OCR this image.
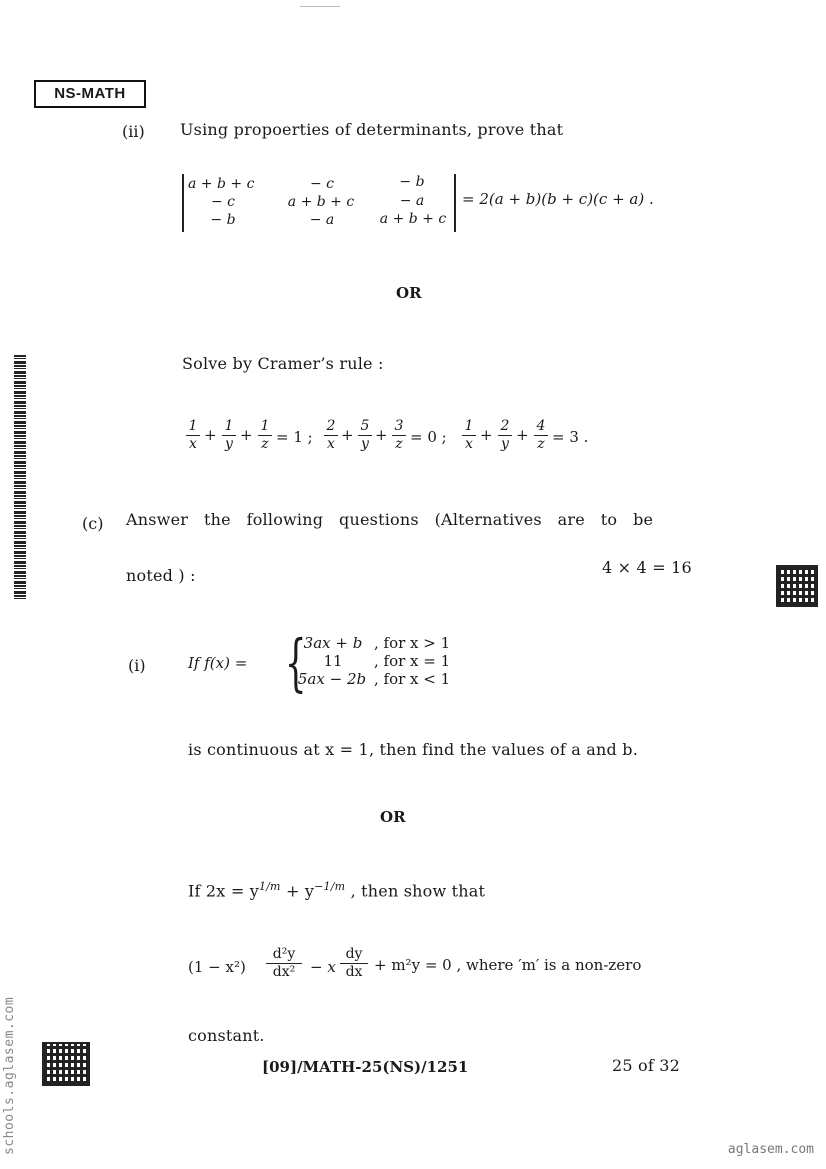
NS-MATH
(ii) Using propoerties of determinants, prove that
a + b + c	− c	− b
− c	a + b + c	− a
− b	− a	a + b + c
= 2(a + b)(b + c)(c + a) .
OR
Solve by Cramer’s rule :
$\frac{1}{x} + \frac{1}{y} + \frac{1}{z} = 1$ ; $\frac{2}{x} + \frac{5}{y} + \frac{3}{z} = 0$ ; $\frac{1}{x} + \frac{2}{y} + \frac{4}{z} = 3$ .
(c) Answer   the   following   questions   (Alternatives   are   to   be
noted ) :	4 × 4 = 16
(i)	If f(x) = {
3ax + b , for x > 1
11	, for x = 1
5ax − 2b , for x < 1
is continuous at x = 1, then find the values of a and b.
OR
If $2x = y^{1/m} + y^{-1/m}$ , then show that
$(1 - x^2) \frac{\text{d²y}}{\text{dx²}} - x \frac{dy}{dx} + m^2y = 0$ , where ′m′ is a non-zero
constant.
[09]/MATH-25(NS)/1251	25 of 32
schools.aglasem.com	aglasem.com
